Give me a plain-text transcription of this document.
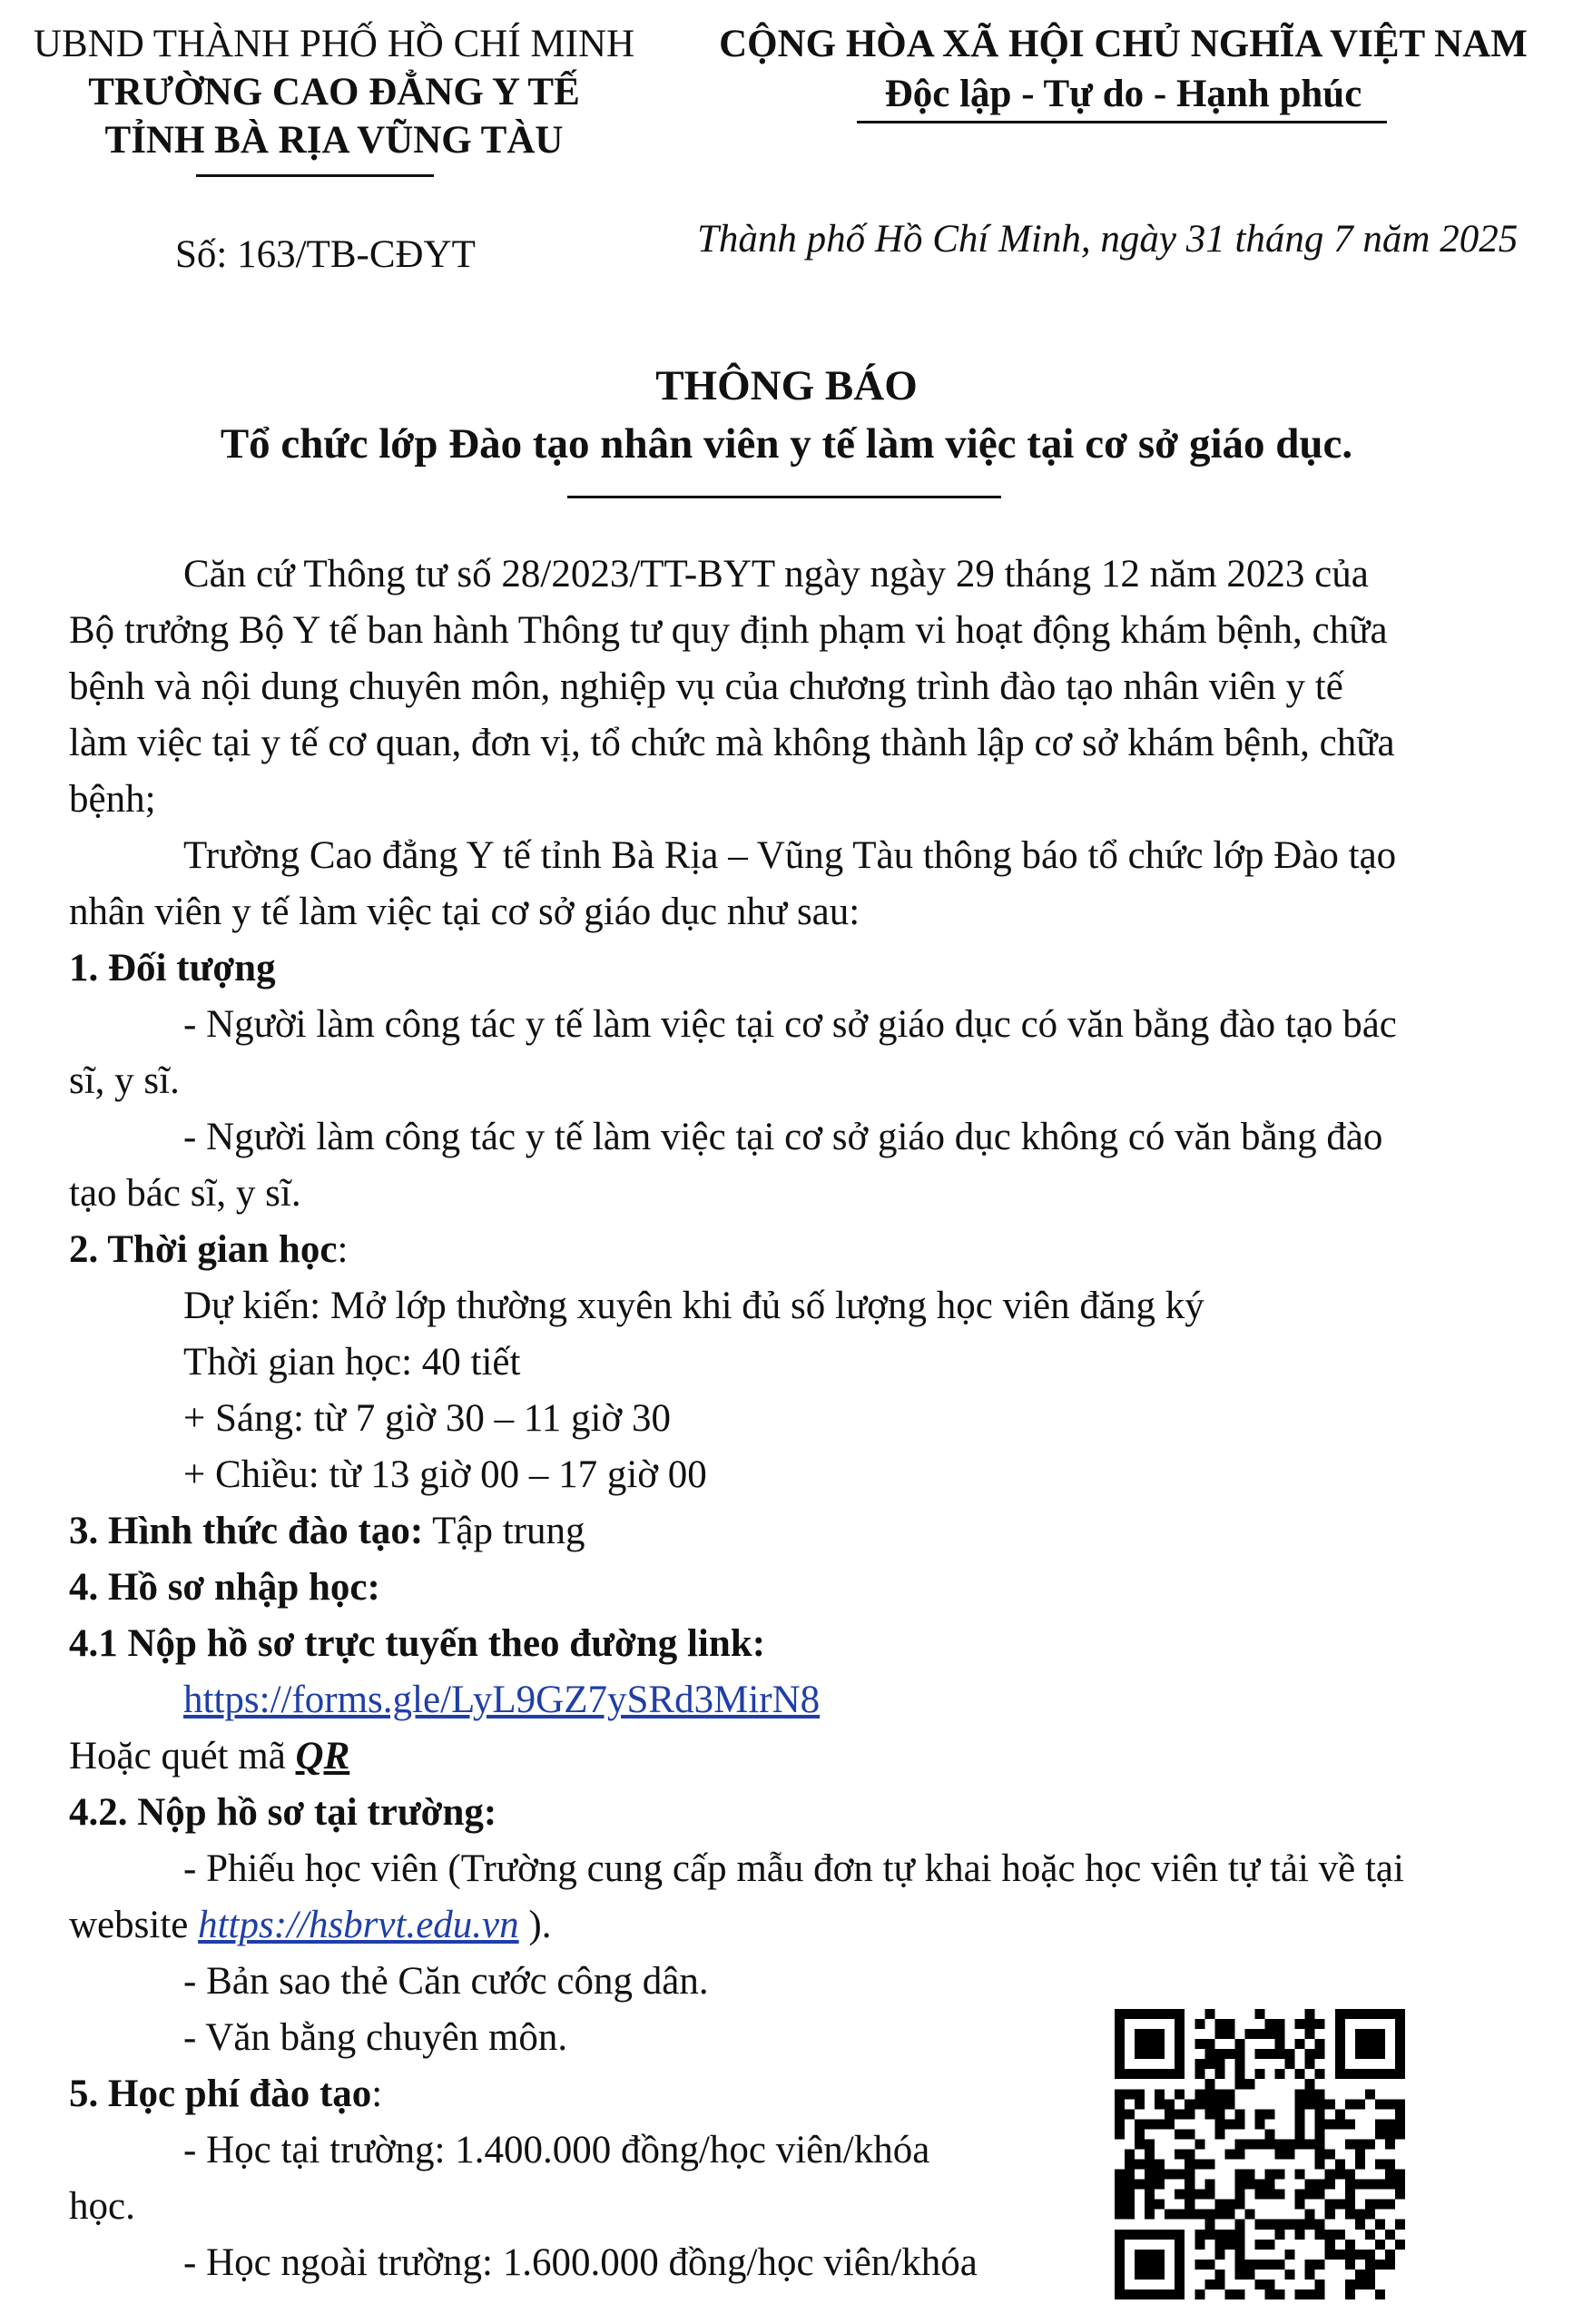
UBND THÀNH PHỐ HỒ CHÍ MINH
TRƯỜNG CAO ĐẲNG Y TẾ
TỈNH BÀ RỊA VŨNG TÀU
CỘNG HÒA XÃ HỘI CHỦ NGHĨA VIỆT NAM
Độc lập - Tự do - Hạnh phúc
Số: 163/TB-CĐYT	Thành phố Hồ Chí Minh, ngày 31 tháng 7 năm 2025
THÔNG BÁO
Tổ chức lớp Đào tạo nhân viên y tế làm việc tại cơ sở giáo dục.
Căn cứ Thông tư số 28/2023/TT-BYT ngày ngày 29 tháng 12 năm 2023 của
Bộ trưởng Bộ Y tế ban hành Thông tư quy định phạm vi hoạt động khám bệnh, chữa
bệnh và nội dung chuyên môn, nghiệp vụ của chương trình đào tạo nhân viên y tế
làm việc tại y tế cơ quan, đơn vị, tổ chức mà không thành lập cơ sở khám bệnh, chữa
bệnh;
Trường Cao đẳng Y tế tỉnh Bà Rịa – Vũng Tàu thông báo tổ chức lớp Đào tạo
nhân viên y tế làm việc tại cơ sở giáo dục như sau:
1. Đối tượng
- Người làm công tác y tế làm việc tại cơ sở giáo dục có văn bằng đào tạo bác
sĩ, y sĩ.
- Người làm công tác y tế làm việc tại cơ sở giáo dục không có văn bằng đào
tạo bác sĩ, y sĩ.
2. Thời gian học:
Dự kiến: Mở lớp thường xuyên khi đủ số lượng học viên đăng ký
Thời gian học: 40 tiết
+ Sáng: từ 7 giờ 30 – 11 giờ 30
+ Chiều: từ 13 giờ 00 – 17 giờ 00
3. Hình thức đào tạo: Tập trung
4. Hồ sơ nhập học:
4.1 Nộp hồ sơ trực tuyến theo đường link:
https://forms.gle/LyL9GZ7ySRd3MirN8
Hoặc quét mã QR
4.2. Nộp hồ sơ tại trường:
- Phiếu học viên (Trường cung cấp mẫu đơn tự khai hoặc học viên tự tải về tại
website https://hsbrvt.edu.vn ).
- Bản sao thẻ Căn cước công dân.
- Văn bằng chuyên môn.
5. Học phí đào tạo:
- Học tại trường: 1.400.000 đồng/học viên/khóa
học.
- Học ngoài trường: 1.600.000 đồng/học viên/khóa
